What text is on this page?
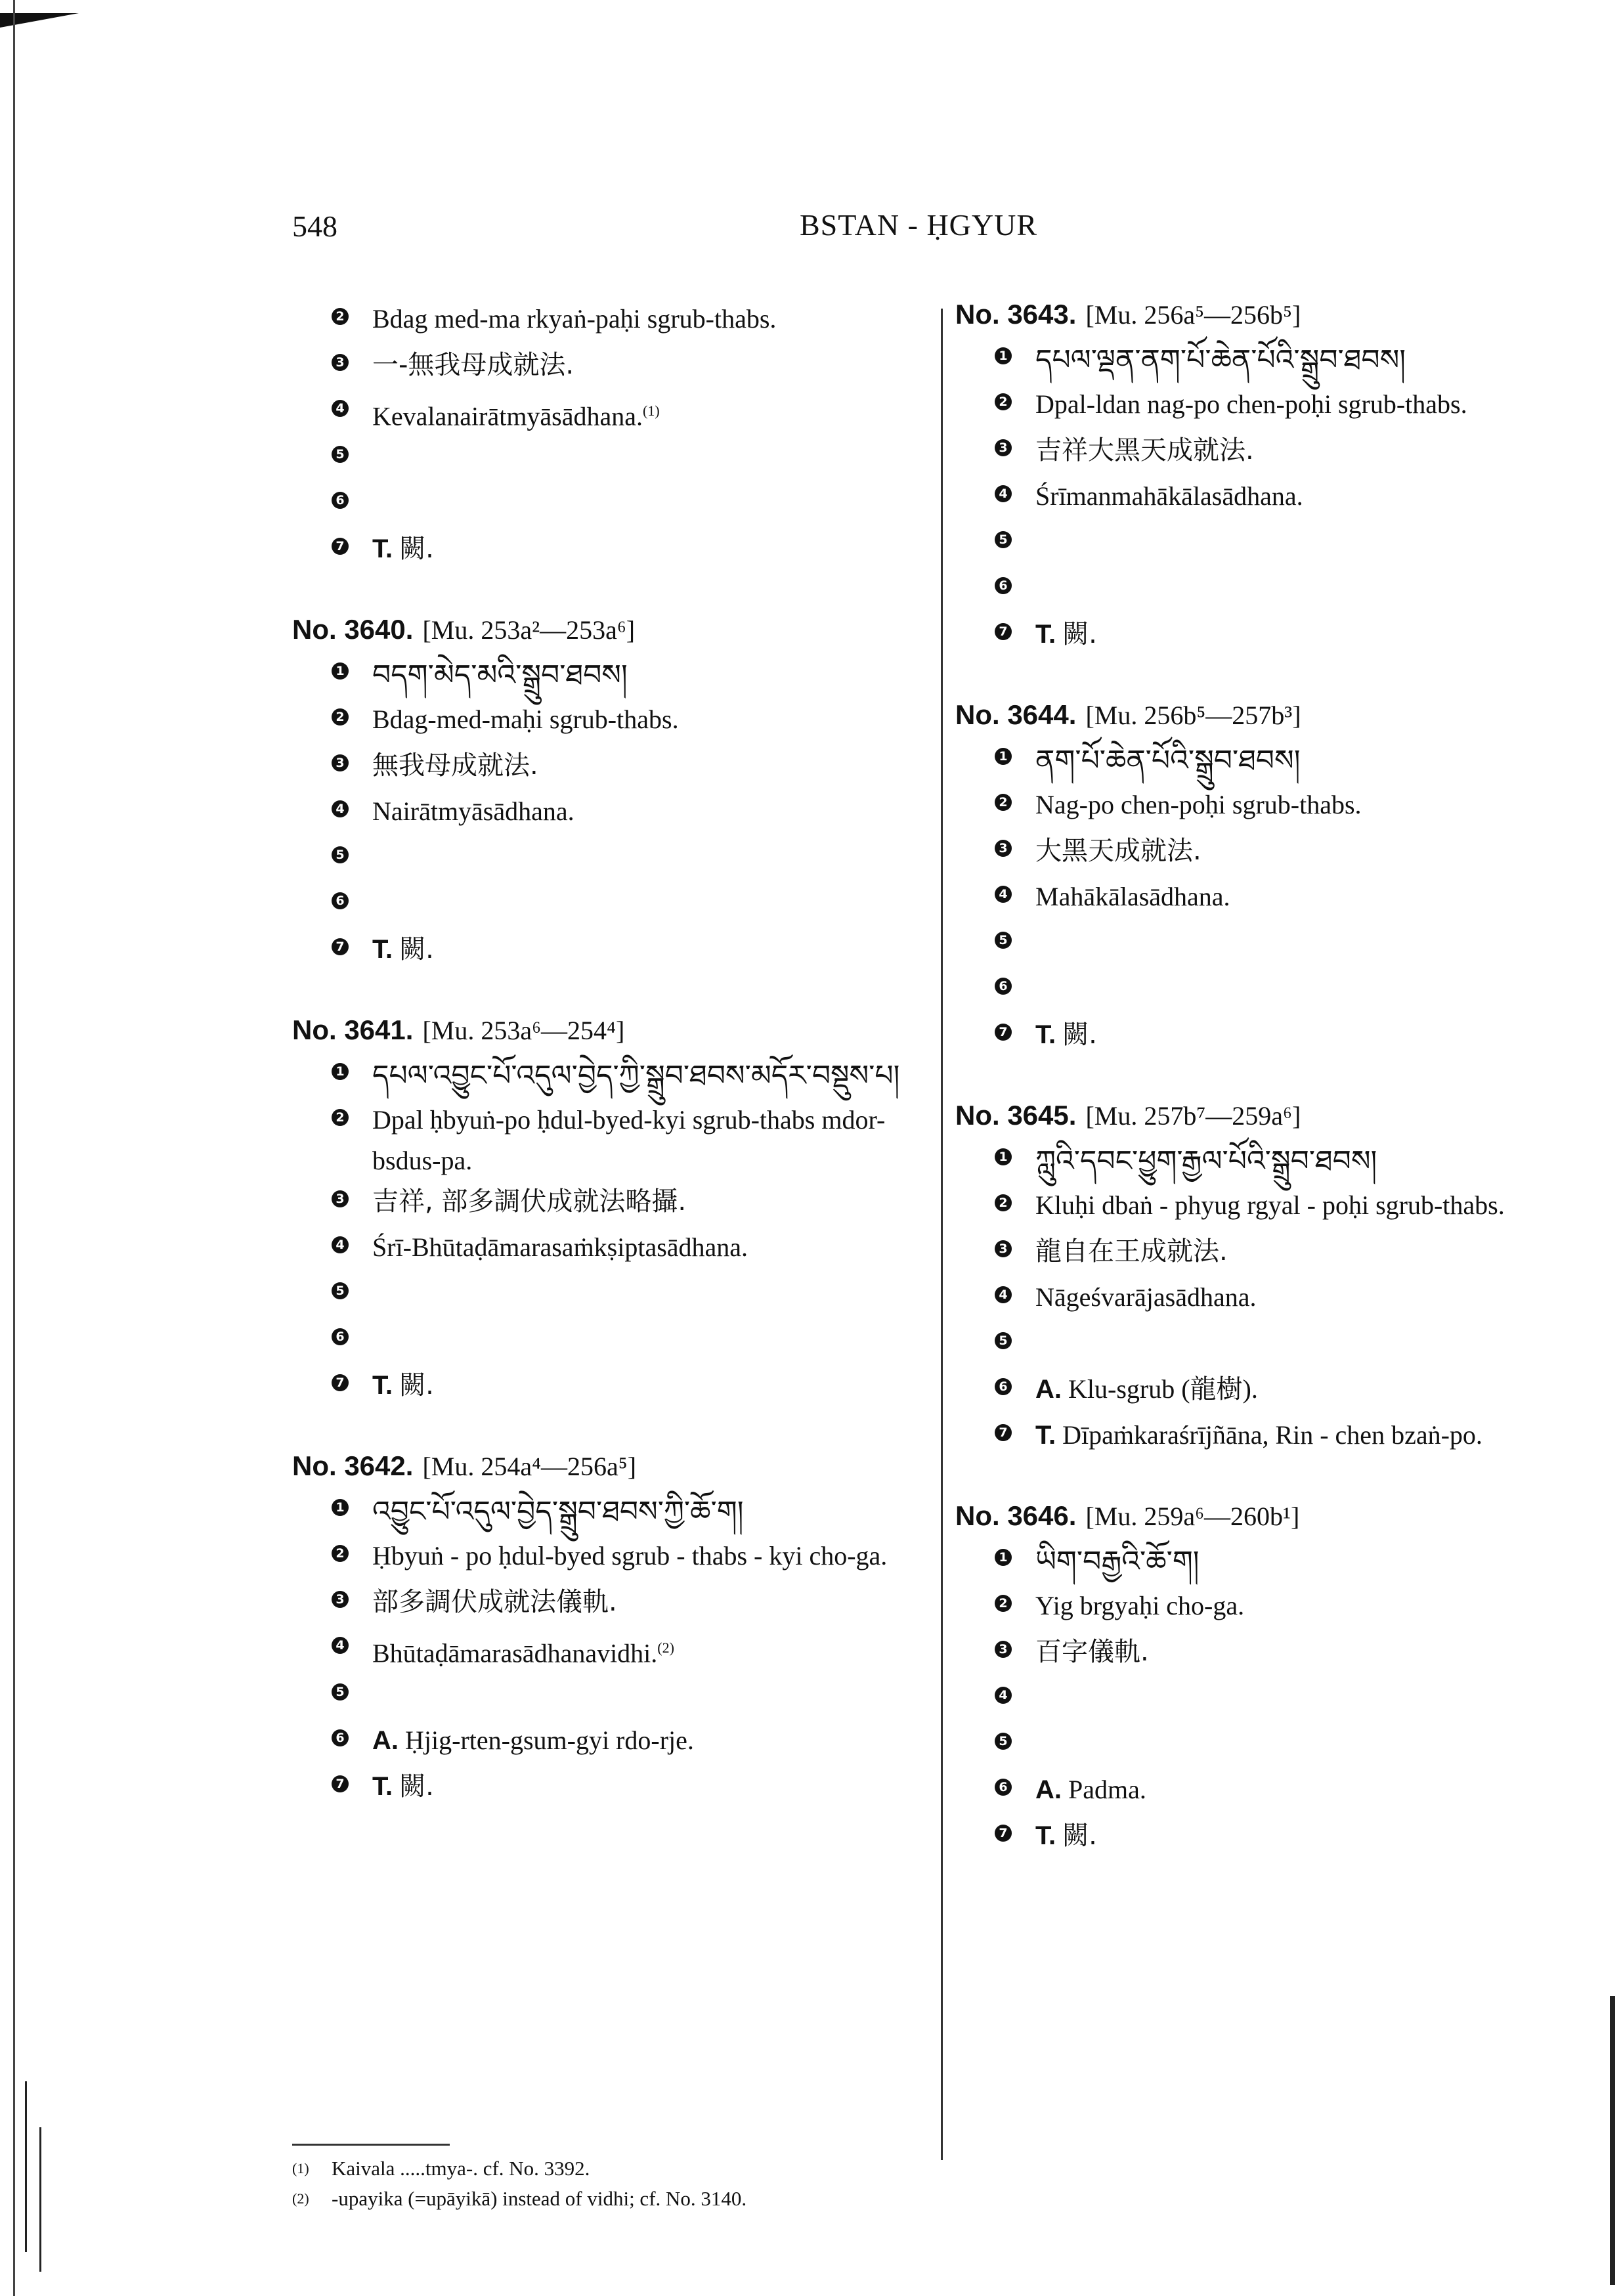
548	BSTAN - ḤGYUR
2 Bdag med-ma rkyaṅ-paḥi sgrub-thabs.
3 一-無我母成就法.
4 Kevalanairātmyāsādhana.$^{(1)}$
5
6
7 T. 闕.
No. 3640. [Mu. 253a²—253a⁶]
1 བདག་མེད་མའི་སྒྲུབ་ཐབས།
2 Bdag-med-maḥi sgrub-thabs.
3 無我母成就法.
4 Nairātmyāsādhana.
5
6
7 T. 闕.
No. 3641. [Mu. 253a⁶—254⁴]
1 དཔལ་འབྱུང་པོ་འདུལ་བྱེད་ཀྱི་སྒྲུབ་ཐབས་མདོར་བསྡུས་པ།
2 Dpal ḥbyuṅ-po ḥdul-byed-kyi sgrub-thabs mdor-bsdus-pa.
3 吉祥, 部多調伏成就法略攝.
4 Śrī-Bhūtaḍāmarasaṁkṣiptasādhana.
5
6
7 T. 闕.
No. 3642. [Mu. 254a⁴—256a⁵]
1 འབྱུང་པོ་འདུལ་བྱེད་སྒྲུབ་ཐབས་ཀྱི་ཆོ་ག།
2 Ḥbyuṅ - po ḥdul-byed sgrub - thabs - kyi cho-ga.
3 部多調伏成就法儀軌.
4 Bhūtaḍāmarasādhanavidhi.$^{(2)}$
5
6 A. Ḥjig-rten-gsum-gyi rdo-rje.
7 T. 闕.
No. 3643. [Mu. 256a⁵—256b⁵]
1 དཔལ་ལྡན་ནག་པོ་ཆེན་པོའི་སྒྲུབ་ཐབས།
2 Dpal-ldan nag-po chen-poḥi sgrub-thabs.
3 吉祥大黑天成就法.
4 Śrīmanmahākālasādhana.
5
6
7 T. 闕.
No. 3644. [Mu. 256b⁵—257b³]
1 ནག་པོ་ཆེན་པོའི་སྒྲུབ་ཐབས།
2 Nag-po chen-poḥi sgrub-thabs.
3 大黑天成就法.
4 Mahākālasādhana.
5
6
7 T. 闕.
No. 3645. [Mu. 257b⁷—259a⁶]
1 ཀླུའི་དབང་ཕྱུག་རྒྱལ་པོའི་སྒྲུབ་ཐབས།
2 Kluḥi dbaṅ - phyug rgyal - poḥi sgrub-thabs.
3 龍自在王成就法.
4 Nāgeśvarājasādhana.
5
6 A. Klu-sgrub (龍樹).
7 T. Dīpaṁkaraśrījñāna, Rin - chen bzaṅ-po.
No. 3646. [Mu. 259a⁶—260b¹]
1 ཡིག་བརྒྱའི་ཆོ་ག།
2 Yig brgyaḥi cho-ga.
3 百字儀軌.
4
5
6 A. Padma.
7 T. 闕.
(1)	Kaivala .....tmya-. cf. No. 3392.
(2)	-upayika (=upāyikā) instead of vidhi; cf. No. 3140.
